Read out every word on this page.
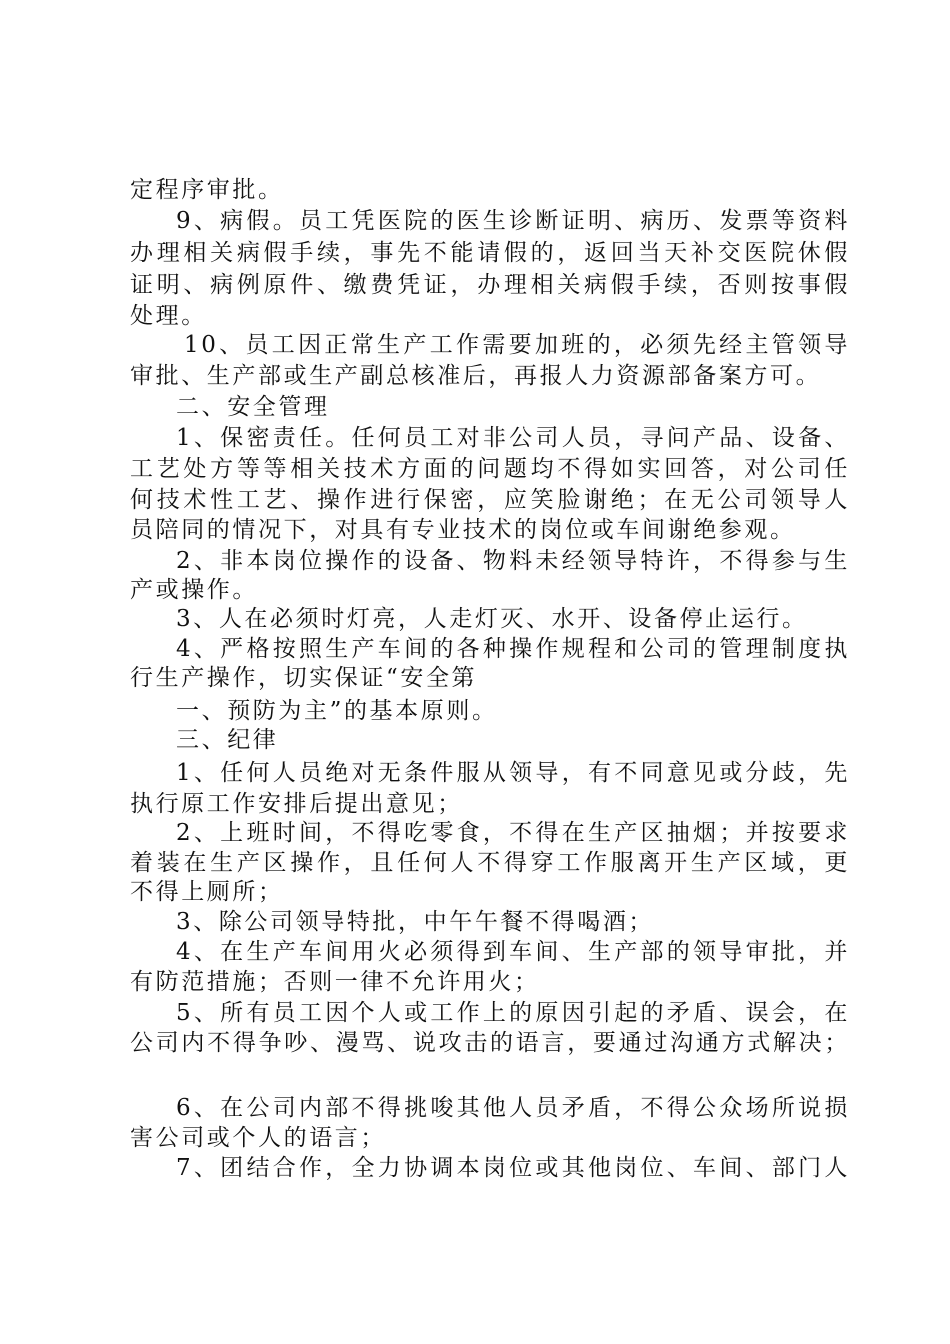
定程序审批。
9、病假。员工凭医院的医生诊断证明、病历、发票等资料
办理相关病假手续，事先不能请假的，返回当天补交医院休假
证明、病例原件、缴费凭证，办理相关病假手续，否则按事假
处理。
10、员工因正常生产工作需要加班的，必须先经主管领导
审批、生产部或生产副总核准后，再报人力资源部备案方可。
二、安全管理
1、保密责任。任何员工对非公司人员，寻问产品、设备、
工艺处方等等相关技术方面的问题均不得如实回答，对公司任
何技术性工艺、操作进行保密，应笑脸谢绝；在无公司领导人
员陪同的情况下，对具有专业技术的岗位或车间谢绝参观。
2、非本岗位操作的设备、物料未经领导特许，不得参与生
产或操作。
3、人在必须时灯亮，人走灯灭、水开、设备停止运行。
4、严格按照生产车间的各种操作规程和公司的管理制度执
行生产操作，切实保证“安全第
一、预防为主”的基本原则。
三、纪律
1、任何人员绝对无条件服从领导，有不同意见或分歧，先
执行原工作安排后提出意见；
2、上班时间，不得吃零食，不得在生产区抽烟；并按要求
着装在生产区操作，且任何人不得穿工作服离开生产区域，更
不得上厕所；
3、除公司领导特批，中午午餐不得喝酒；
4、在生产车间用火必须得到车间、生产部的领导审批，并
有防范措施；否则一律不允许用火；
5、所有员工因个人或工作上的原因引起的矛盾、误会，在
公司内不得争吵、漫骂、说攻击的语言，要通过沟通方式解决；
6、在公司内部不得挑唆其他人员矛盾，不得公众场所说损
害公司或个人的语言；
7、团结合作，全力协调本岗位或其他岗位、车间、部门人
